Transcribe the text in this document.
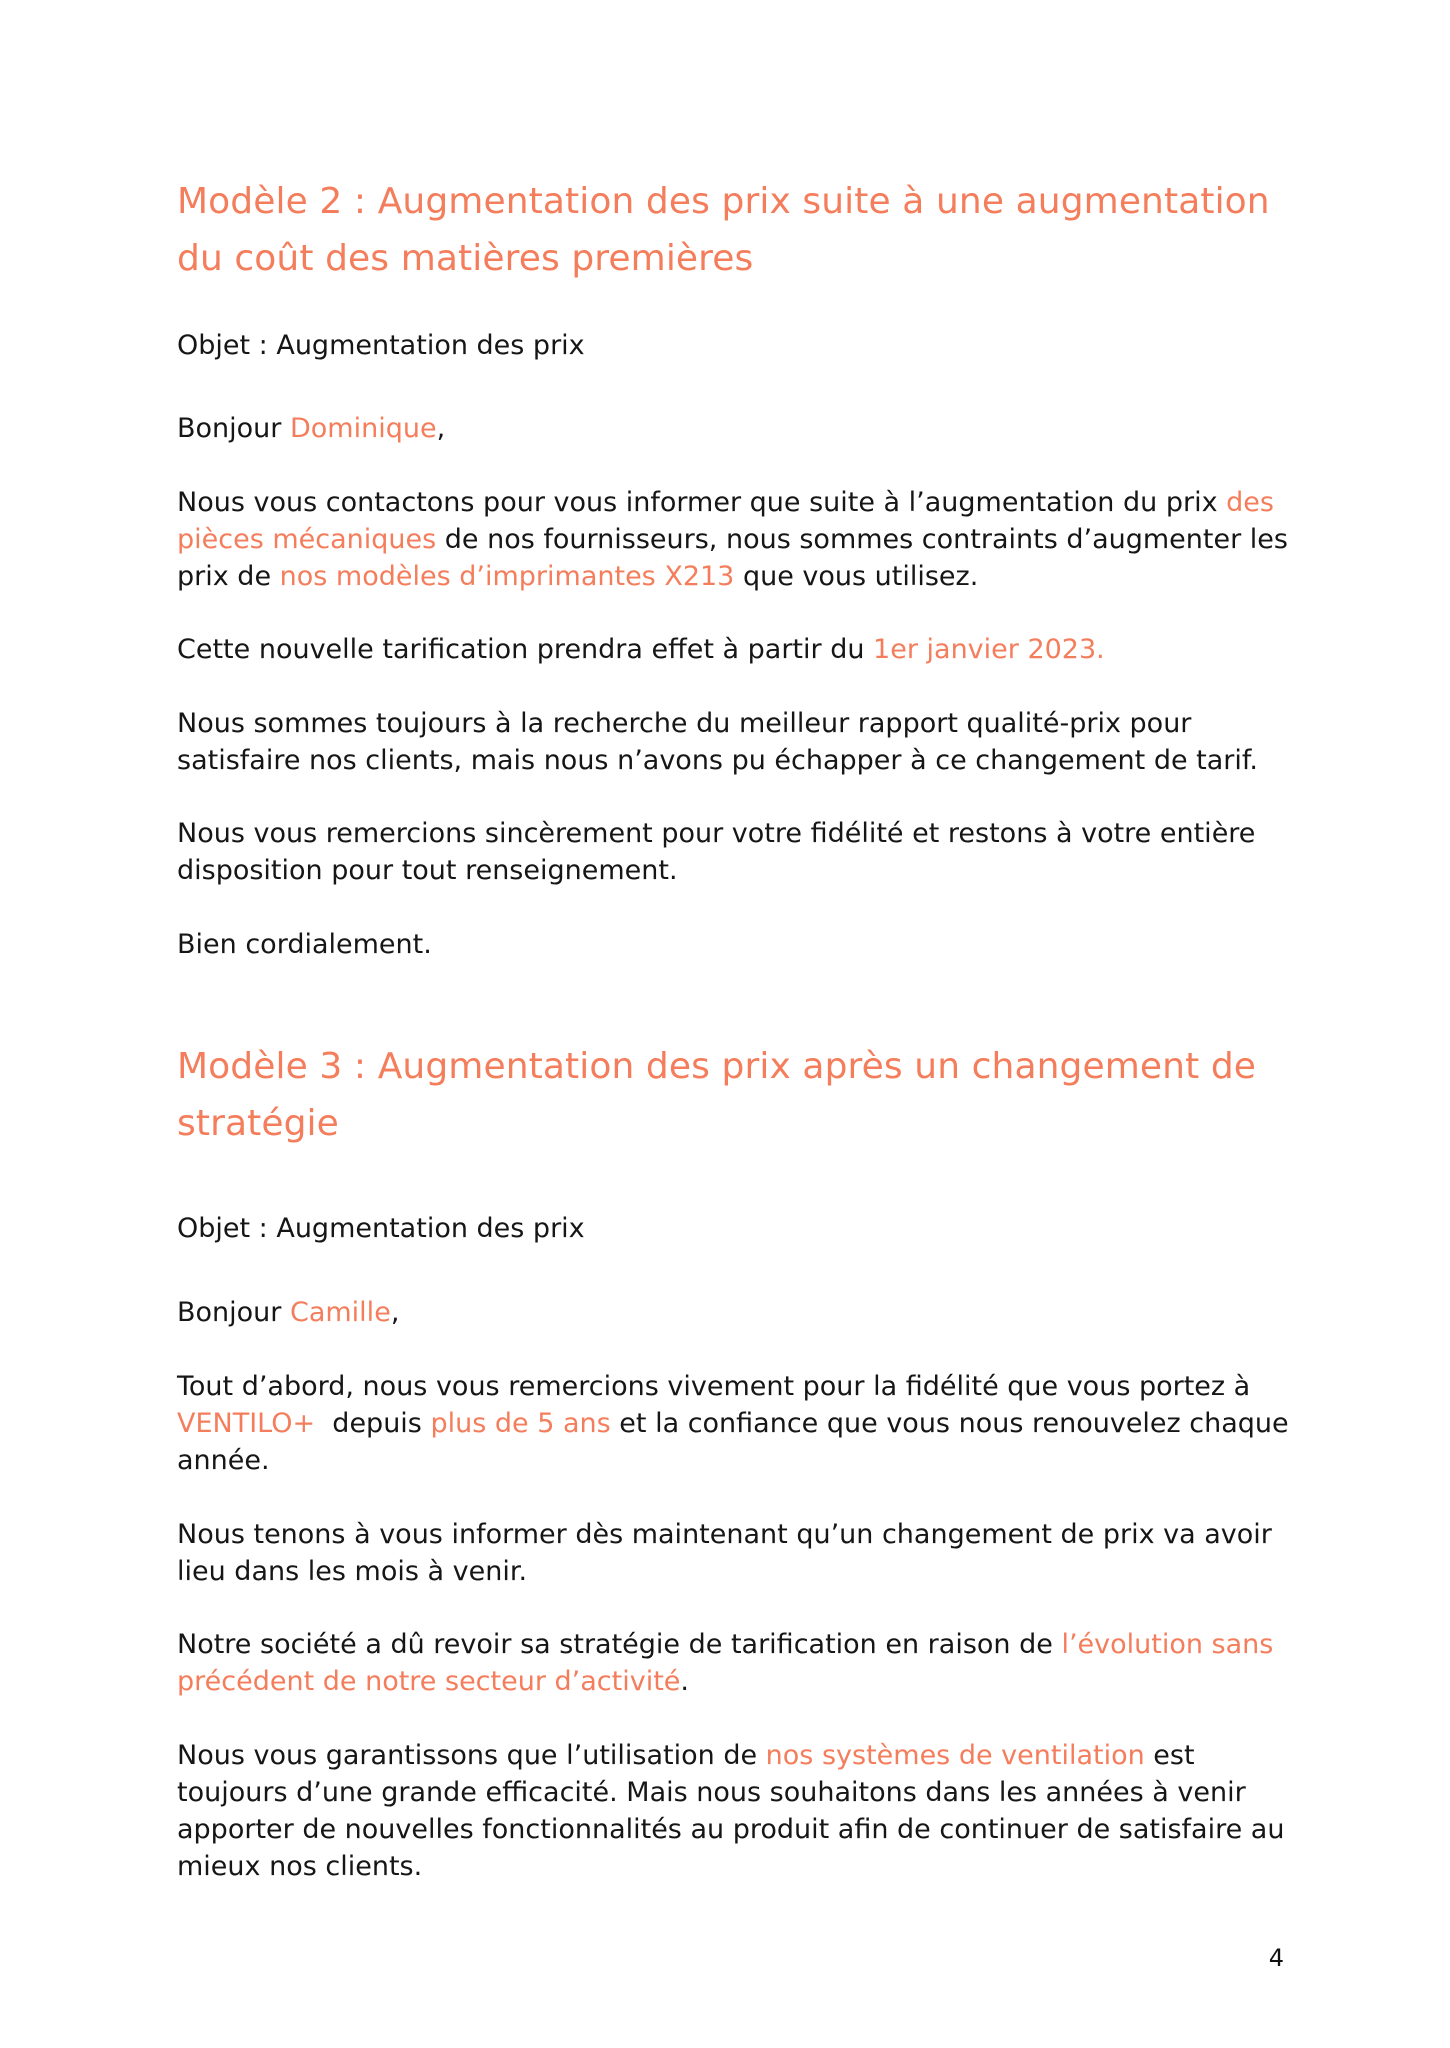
Modèle 2 : Augmentation des prix suite à une augmentation du coût des matières premières

Objet : Augmentation des prix

Bonjour Dominique,

Nous vous contactons pour vous informer que suite à l’augmentation du prix des pièces mécaniques de nos fournisseurs, nous sommes contraints d’augmenter les prix de nos modèles d’imprimantes X213 que vous utilisez.

Cette nouvelle tarification prendra effet à partir du 1er janvier 2023.

Nous sommes toujours à la recherche du meilleur rapport qualité-prix pour satisfaire nos clients, mais nous n’avons pu échapper à ce changement de tarif.

Nous vous remercions sincèrement pour votre fidélité et restons à votre entière disposition pour tout renseignement.

Bien cordialement.

Modèle 3 : Augmentation des prix après un changement de stratégie

Objet : Augmentation des prix

Bonjour Camille,

Tout d’abord, nous vous remercions vivement pour la fidélité que vous portez à VENTILO+  depuis plus de 5 ans et la confiance que vous nous renouvelez chaque année.

Nous tenons à vous informer dès maintenant qu’un changement de prix va avoir lieu dans les mois à venir.

Notre société a dû revoir sa stratégie de tarification en raison de l’évolution sans précédent de notre secteur d’activité.

Nous vous garantissons que l’utilisation de nos systèmes de ventilation est toujours d’une grande efficacité. Mais nous souhaitons dans les années à venir apporter de nouvelles fonctionnalités au produit afin de continuer de satisfaire au mieux nos clients.

4
